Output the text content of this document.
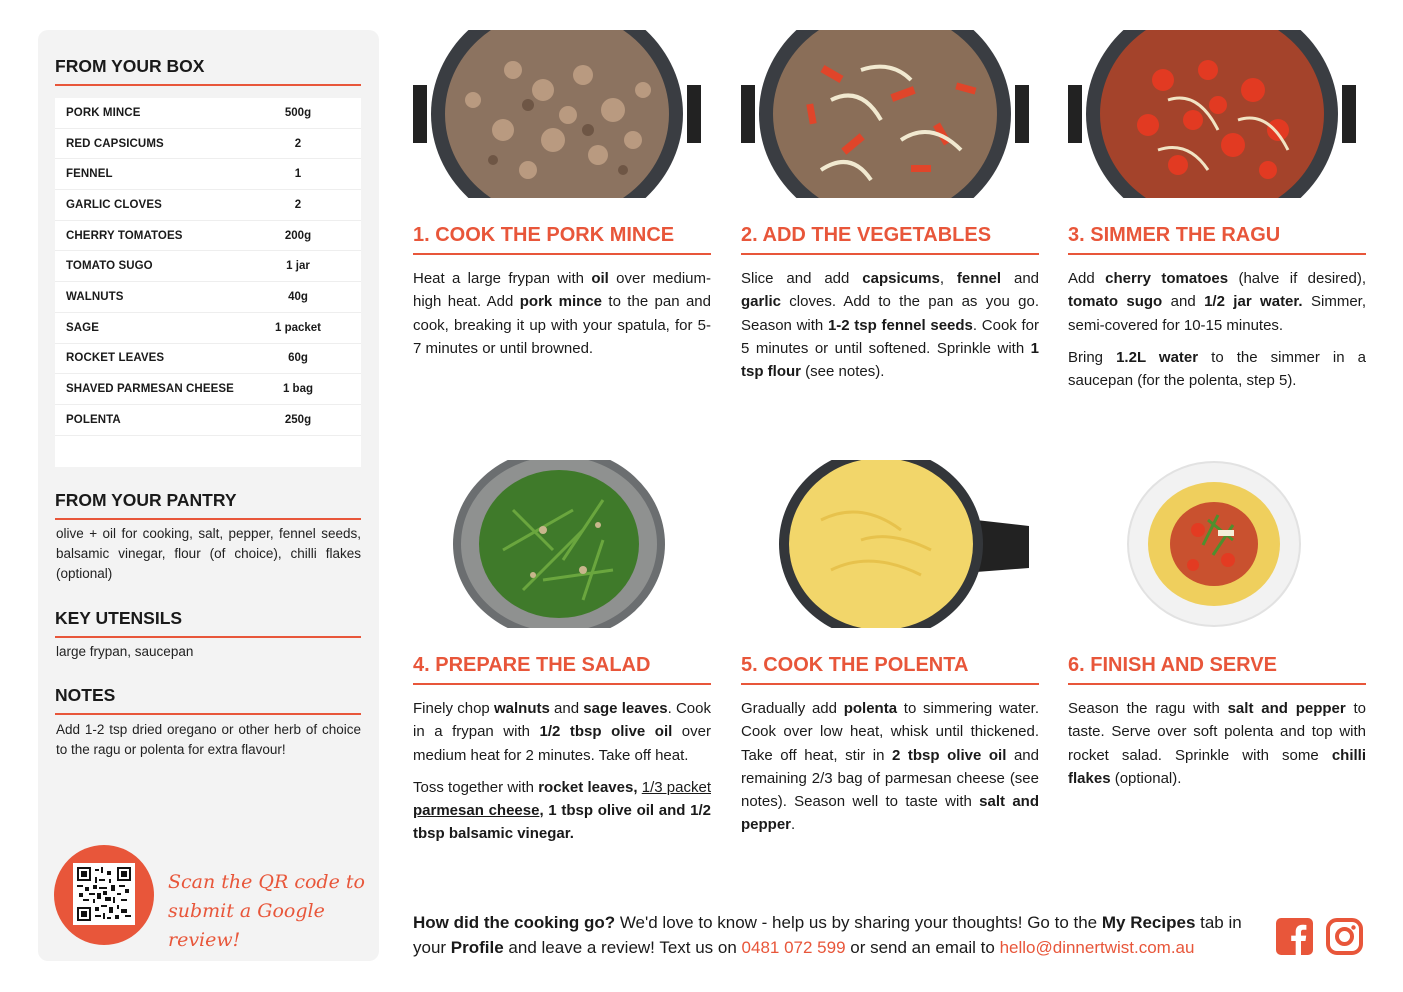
FROM YOUR BOX
PORK MINCE	500g
RED CAPSICUMS	2
FENNEL	1
GARLIC CLOVES	2
CHERRY TOMATOES	200g
TOMATO SUGO	1 jar
WALNUTS	40g
SAGE	1 packet
ROCKET LEAVES	60g
SHAVED PARMESAN CHEESE	1 bag
POLENTA	250g
FROM YOUR PANTRY
olive + oil for cooking, salt, pepper, fennel seeds, balsamic vinegar, flour (of choice), chilli flakes (optional)
KEY UTENSILS
large frypan, saucepan
NOTES
Add 1-2 tsp dried oregano or other herb of choice to the ragu or polenta for extra flavour!
Scan the QR code to
submit a Google review!
1. COOK THE PORK MINCE

Heat a large frypan with oil over medium-high heat. Add pork mince to the pan and cook, breaking it up with your spatula, for 5-7 minutes or until browned.

2. ADD THE VEGETABLES

Slice and add capsicums, fennel and garlic cloves. Add to the pan as you go. Season with 1-2 tsp fennel seeds. Cook for 5 minutes or until softened. Sprinkle with 1 tsp flour (see notes).

3. SIMMER THE RAGU

Add cherry tomatoes (halve if desired), tomato sugo and 1/2 jar water. Simmer, semi-covered for 10-15 minutes.

Bring 1.2L water to the simmer in a saucepan (for the polenta, step 5).

4. PREPARE THE SALAD

Finely chop walnuts and sage leaves. Cook in a frypan with 1/2 tbsp olive oil over medium heat for 2 minutes. Take off heat.

Toss together with rocket leaves, 1/3 packet parmesan cheese, 1 tbsp olive oil and 1/2 tbsp balsamic vinegar.

5. COOK THE POLENTA

Gradually add polenta to simmering water. Cook over low heat, whisk until thickened. Take off heat, stir in 2 tbsp olive oil and remaining 2/3 bag of parmesan cheese (see notes). Season well to taste with salt and pepper.

6. FINISH AND SERVE

Season the ragu with salt and pepper to taste. Serve over soft polenta and top with rocket salad. Sprinkle with some chilli flakes (optional).

How did the cooking go? We'd love to know - help us by sharing your thoughts! Go to the My Recipes tab in your Profile and leave a review! Text us on 0481 072 599 or send an email to hello@dinnertwist.com.au
